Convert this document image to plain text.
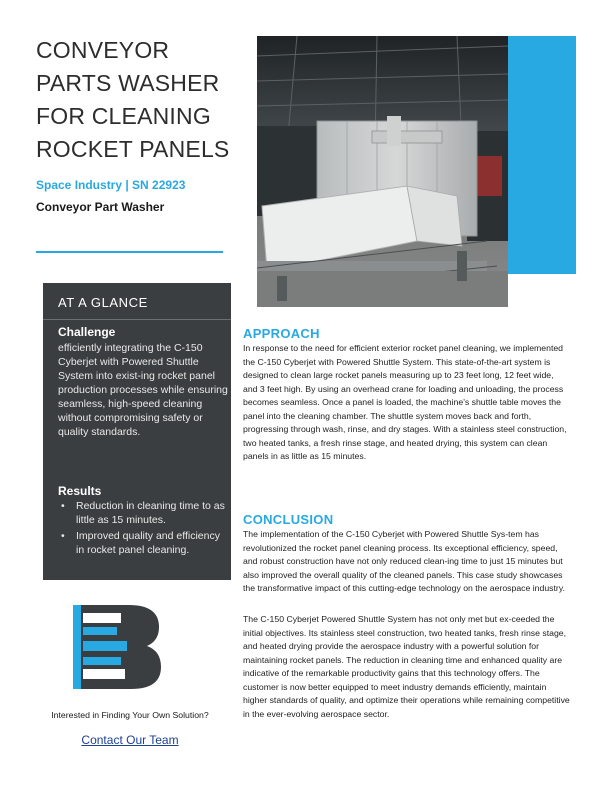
CONVEYOR PARTS WASHER FOR CLEANING ROCKET PANELS
Space Industry | SN 22923
Conveyor Part Washer
AT A GLANCE
Challenge
efficiently integrating the C-150 Cyberjet with Powered Shuttle System into exist-ing rocket panel production processes while ensuring seamless, high-speed cleaning without compromising safety or quality standards.
Results
• Reduction in cleaning time to as little as 15 minutes.
• Improved quality and efficiency in rocket panel cleaning.
APPROACH
In response to the need for efficient exterior rocket panel cleaning, we implemented the C-150 Cyberjet with Powered Shuttle System. This state-of-the-art system is designed to clean large rocket panels measuring up to 23 feet long, 12 feet wide, and 3 feet high. By using an overhead crane for loading and unloading, the process becomes seamless. Once a panel is loaded, the machine's shuttle table moves the panel into the cleaning chamber. The shuttle system moves back and forth, progressing through wash, rinse, and dry stages. With a stainless steel construction, two heated tanks, a fresh rinse stage, and heated drying, this system can clean panels in as little as 15 minutes.
CONCLUSION
The implementation of the C-150 Cyberjet with Powered Shuttle Sys-tem has revolutionized the rocket panel cleaning process. Its exceptional efficiency, speed, and robust construction have not only reduced clean-ing time to just 15 minutes but also improved the overall quality of the cleaned panels. This case study showcases the transformative impact of this cutting-edge technology on the aerospace industry.
The C-150 Cyberjet Powered Shuttle System has not only met but ex-ceeded the initial objectives. Its stainless steel construction, two heated tanks, fresh rinse stage, and heated drying provide the aerospace industry with a powerful solution for maintaining rocket panels. The reduction in cleaning time and enhanced quality are indicative of the remarkable productivity gains that this technology offers. The customer is now better equipped to meet industry demands efficiently, maintain higher standards of quality, and optimize their operations while remaining competitive in the ever-evolving aerospace sector.
Interested in Finding Your Own Solution?
Contact Our Team
